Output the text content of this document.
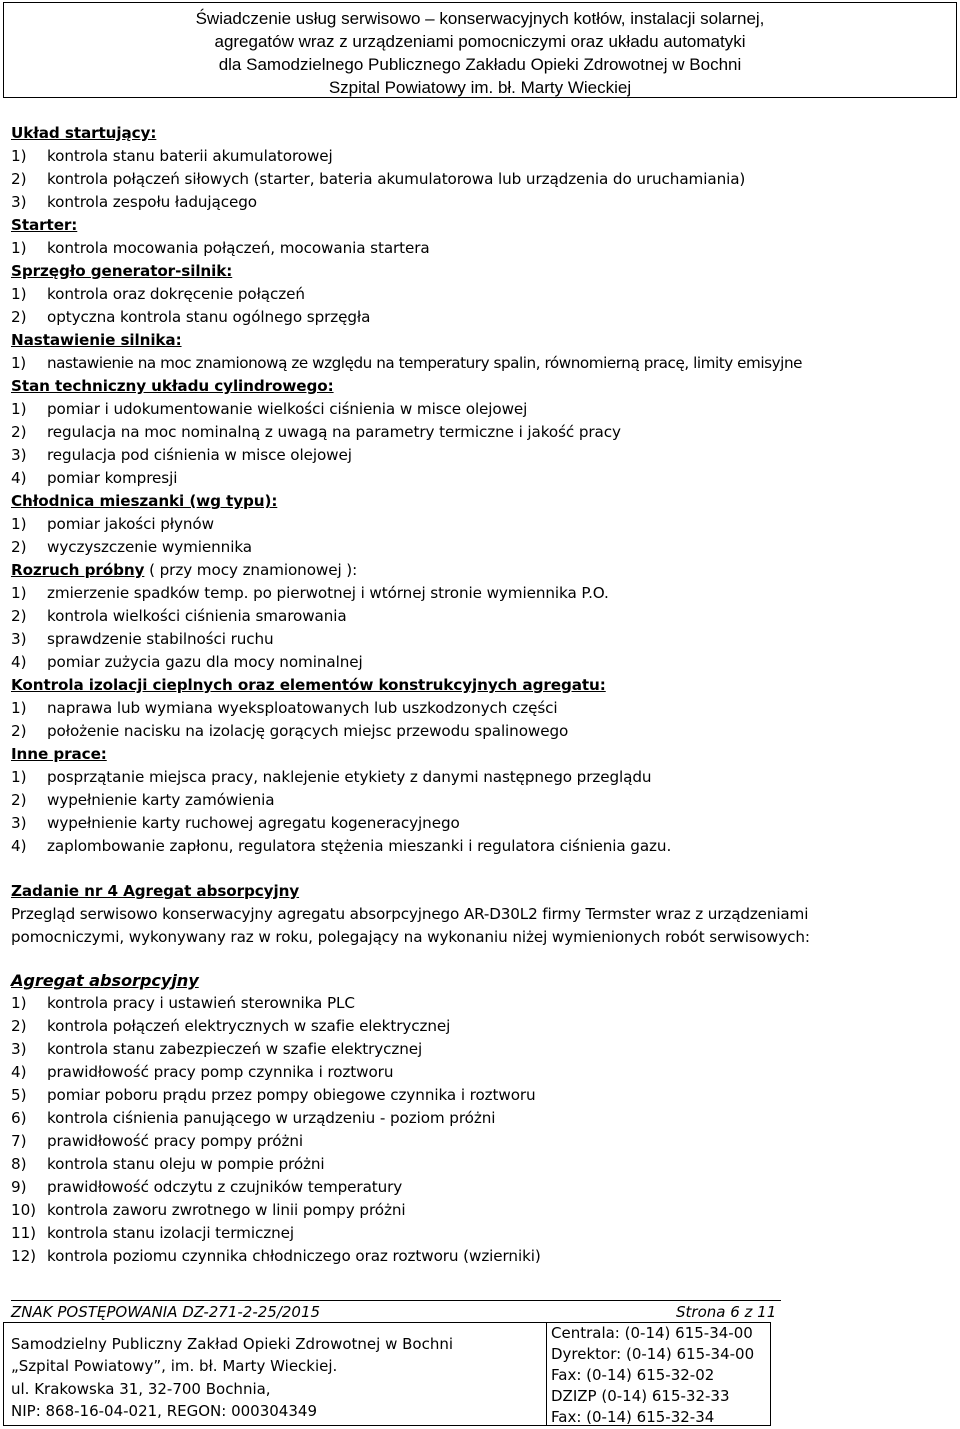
Świadczenie usług serwisowo – konserwacyjnych kotłów, instalacji solarnej,
agregatów wraz z urządzeniami pomocniczymi oraz układu automatyki
dla Samodzielnego Publicznego Zakładu Opieki Zdrowotnej w Bochni
Szpital Powiatowy im. bł. Marty Wieckiej
Układ startujący:
1) kontrola stanu baterii akumulatorowej
2) kontrola połączeń siłowych (starter, bateria akumulatorowa lub urządzenia do uruchamiania)
3) kontrola zespołu ładującego
Starter:
1) kontrola mocowania połączeń, mocowania startera
Sprzęgło generator-silnik:
1) kontrola oraz dokręcenie połączeń
2) optyczna kontrola stanu ogólnego sprzęgła
Nastawienie silnika:
1) nastawienie na moc znamionową ze względu na temperatury spalin, równomierną pracę, limity emisyjne
Stan techniczny układu cylindrowego:
1) pomiar i udokumentowanie wielkości ciśnienia w misce olejowej
2) regulacja na moc nominalną z uwagą na parametry termiczne i jakość pracy
3) regulacja pod ciśnienia w misce olejowej
4) pomiar kompresji
Chłodnica mieszanki (wg typu):
1) pomiar jakości płynów
2) wyczyszczenie wymiennika
Rozruch próbny ( przy mocy znamionowej ):
1) zmierzenie spadków temp. po pierwotnej i wtórnej stronie wymiennika P.O.
2) kontrola wielkości ciśnienia smarowania
3) sprawdzenie stabilności ruchu
4) pomiar zużycia gazu dla mocy nominalnej
Kontrola izolacji cieplnych oraz elementów konstrukcyjnych agregatu:
1) naprawa lub wymiana wyeksploatowanych lub uszkodzonych części
2) położenie nacisku na izolację gorących miejsc przewodu spalinowego
Inne prace:
1) posprzątanie miejsca pracy, naklejenie etykiety z danymi następnego przeglądu
2) wypełnienie karty zamówienia
3) wypełnienie karty ruchowej agregatu kogeneracyjnego
4) zaplombowanie zapłonu, regulatora stężenia mieszanki i regulatora ciśnienia gazu.
Zadanie nr 4 Agregat absorpcyjny
Przegląd serwisowo konserwacyjny agregatu absorpcyjnego AR-D30L2 firmy Termster wraz z urządzeniami
pomocniczymi, wykonywany raz w roku, polegający na wykonaniu niżej wymienionych robót serwisowych:
Agregat absorpcyjny
1) kontrola pracy i ustawień sterownika PLC
2) kontrola połączeń elektrycznych w szafie elektrycznej
3) kontrola stanu zabezpieczeń w szafie elektrycznej
4) prawidłowość pracy pomp czynnika i roztworu
5) pomiar poboru prądu przez pompy obiegowe czynnika i roztworu
6) kontrola ciśnienia panującego w urządzeniu - poziom próżni
7) prawidłowość pracy pompy próżni
8) kontrola stanu oleju w pompie próżni
9) prawidłowość odczytu z czujników temperatury
10) kontrola zaworu zwrotnego w linii pompy próżni
11) kontrola stanu izolacji termicznej
12) kontrola poziomu czynnika chłodniczego oraz roztworu (wzierniki)
ZNAK POSTĘPOWANIA DZ-271-2-25/2015	Strona 6 z 11
Samodzielny Publiczny Zakład Opieki Zdrowotnej w Bochni
„Szpital Powiatowy”, im. bł. Marty Wieckiej.
ul. Krakowska 31, 32-700 Bochnia,
NIP: 868-16-04-021, REGON: 000304349
Centrala: (0-14) 615-34-00
Dyrektor: (0-14) 615-34-00
Fax: (0-14) 615-32-02
DZIZP (0-14) 615-32-33
Fax: (0-14) 615-32-34
